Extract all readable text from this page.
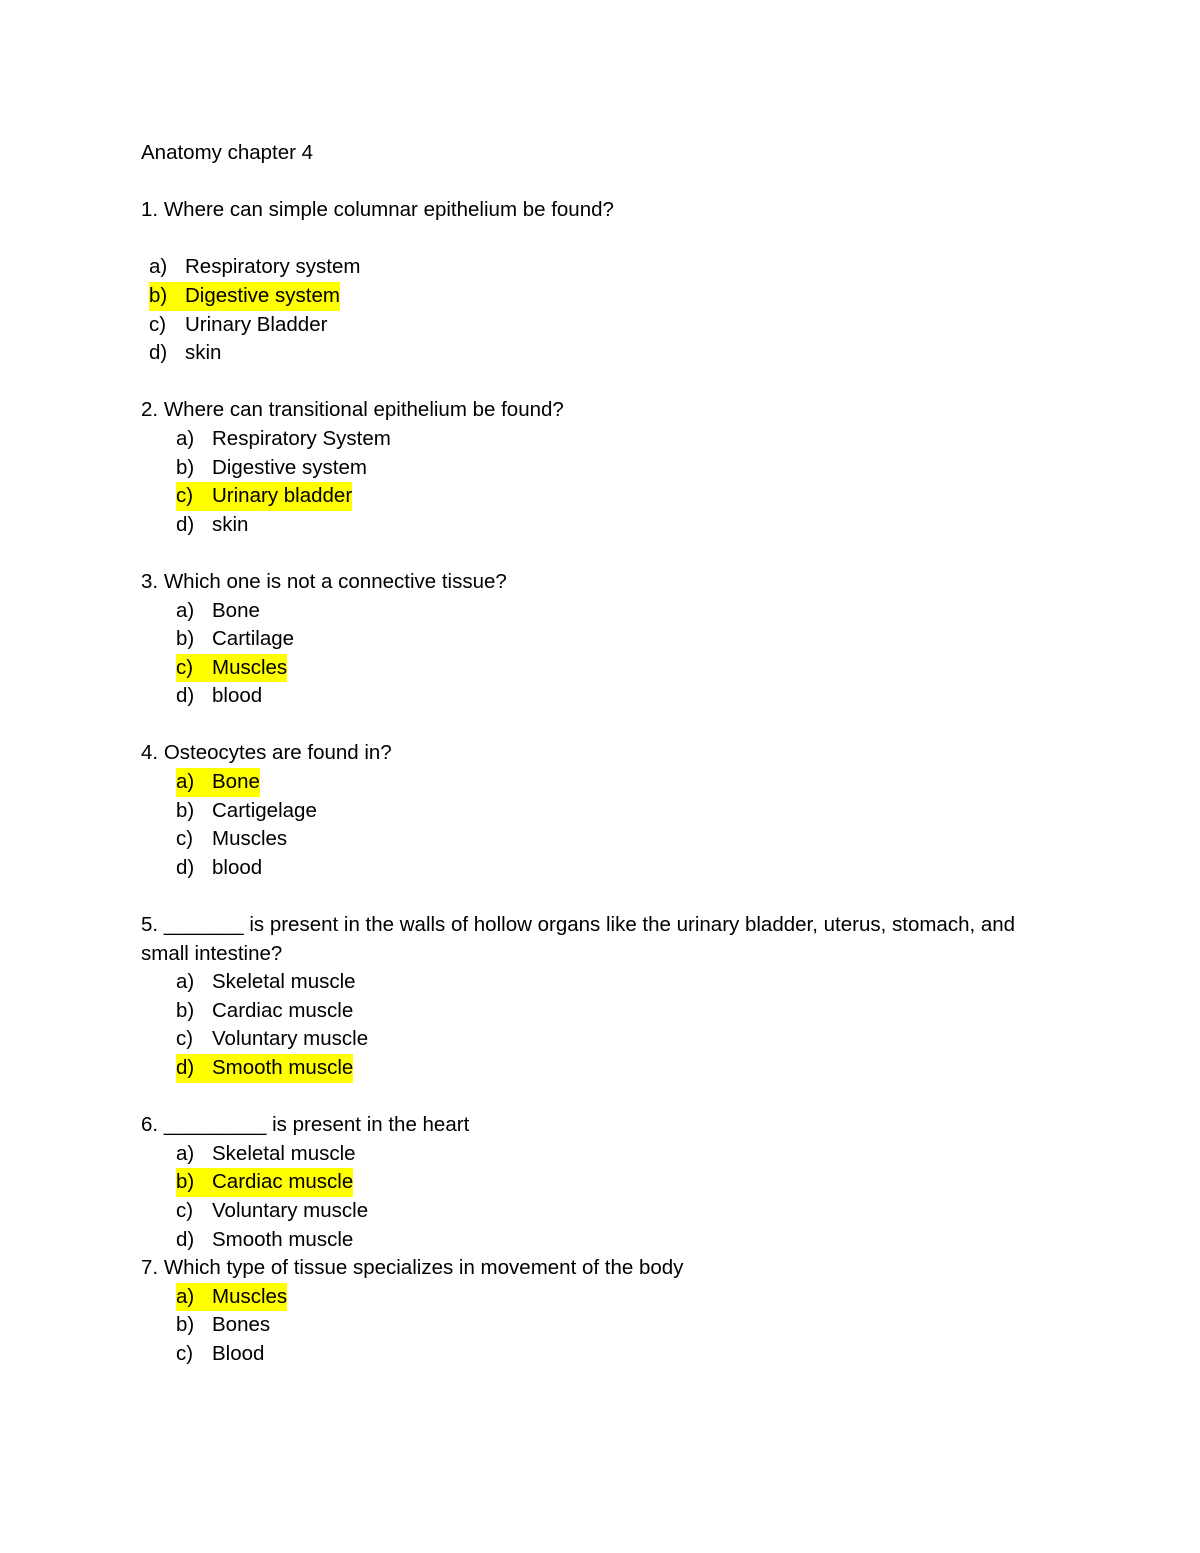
Anatomy chapter 4

1. Where can simple columnar epithelium be found?

a) Respiratory system
b) Digestive system
c) Urinary Bladder
d) skin

2. Where can transitional epithelium be found?

a) Respiratory System
b) Digestive system
c) Urinary bladder
d) skin

3. Which one is not a connective tissue?

a) Bone
b) Cartilage
c) Muscles
d) blood

4. Osteocytes are found in?

a) Bone
b) Cartigelage
c) Muscles
d) blood

5. _______ is present in the walls of hollow organs like the urinary bladder, uterus, stomach, and small intestine?

a) Skeletal muscle
b) Cardiac muscle
c) Voluntary muscle
d) Smooth muscle

6. _________ is present in the heart

a) Skeletal muscle
b) Cardiac muscle
c) Voluntary muscle
d) Smooth muscle

7. Which type of tissue specializes in movement of the body

a) Muscles
b) Bones
c) Blood
